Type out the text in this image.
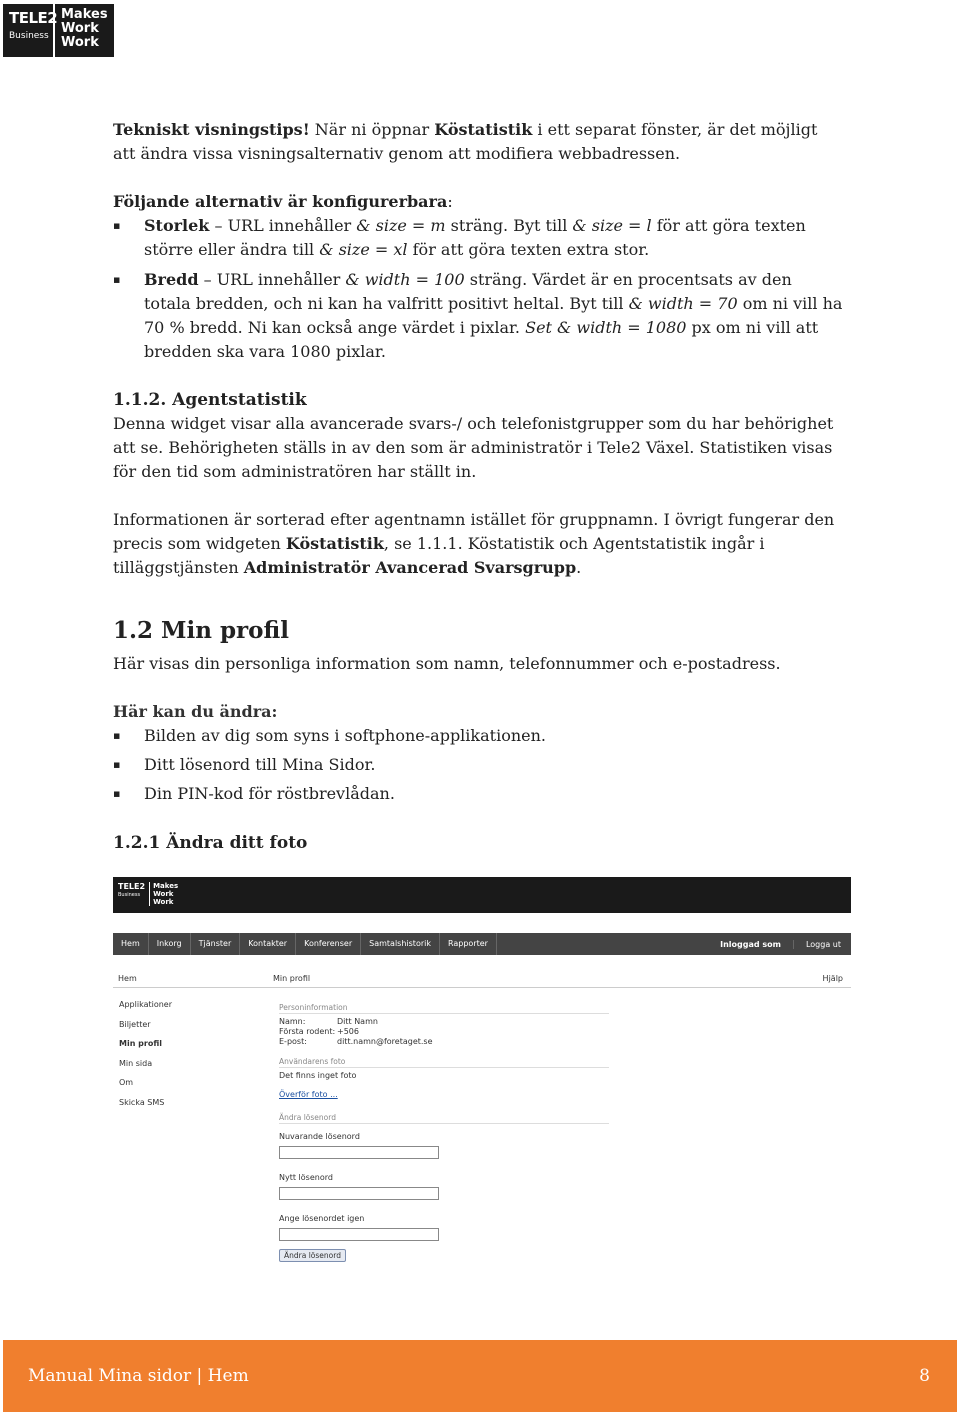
TELE2
Business
Makes
Work
Work

Tekniskt visningstips! När ni öppnar Köstatistik i ett separat fönster, är det möjligt att ändra vissa visningsalternativ genom att modifiera webbadressen.

Följande alternativ är konfigurerbara:

▪ Storlek – URL innehåller & size = m sträng. Byt till & size = l för att göra texten större eller ändra till & size = xl för att göra texten extra stor.
▪ Bredd – URL innehåller & width = 100 sträng. Värdet är en procentsats av den totala bredden, och ni kan ha valfritt positivt heltal. Byt till & width = 70 om ni vill ha 70 % bredd. Ni kan också ange värdet i pixlar. Set & width = 1080 px om ni vill att bredden ska vara 1080 pixlar.

1.1.2. Agentstatistik

Denna widget visar alla avancerade svars-/ och telefonistgrupper som du har behörighet att se. Behörigheten ställs in av den som är administratör i Tele2 Växel. Statistiken visas för den tid som administratören har ställt in.

Informationen är sorterad efter agentnamn istället för gruppnamn. I övrigt fungerar den precis som widgeten Köstatistik, se 1.1.1. Köstatistik och Agentstatistik ingår i tilläggstjänsten Administratör Avancerad Svarsgrupp.

1.2 Min profil

Här visas din personliga information som namn, telefonnummer och e-postadress.

Här kan du ändra:

▪ Bilden av dig som syns i softphone-applikationen.
▪ Ditt lösenord till Mina Sidor.
▪ Din PIN-kod för röstbrevlådan.

1.2.1 Ändra ditt foto

TELE2
Business
Makes
Work
Work
Hem	Inkorg	Tjänster	Kontakter	Konferenser	Samtalshistorik	Rapporter	Inloggad som	Logga ut
Hem	Min profil	Hjälp
Applikationer
Biljetter
Min profil
Min sida
Om
Skicka SMS
Personinformation
Namn:	Ditt Namn
Första rodent: +506
E-post:	ditt.namn@foretaget.se
Användarens foto
Det finns inget foto
Överför foto ...
Ändra lösenord
Nuvarande lösenord
Nytt lösenord
Ange lösenordet igen
Ändra lösenord
Manual Mina sidor | Hem	8
